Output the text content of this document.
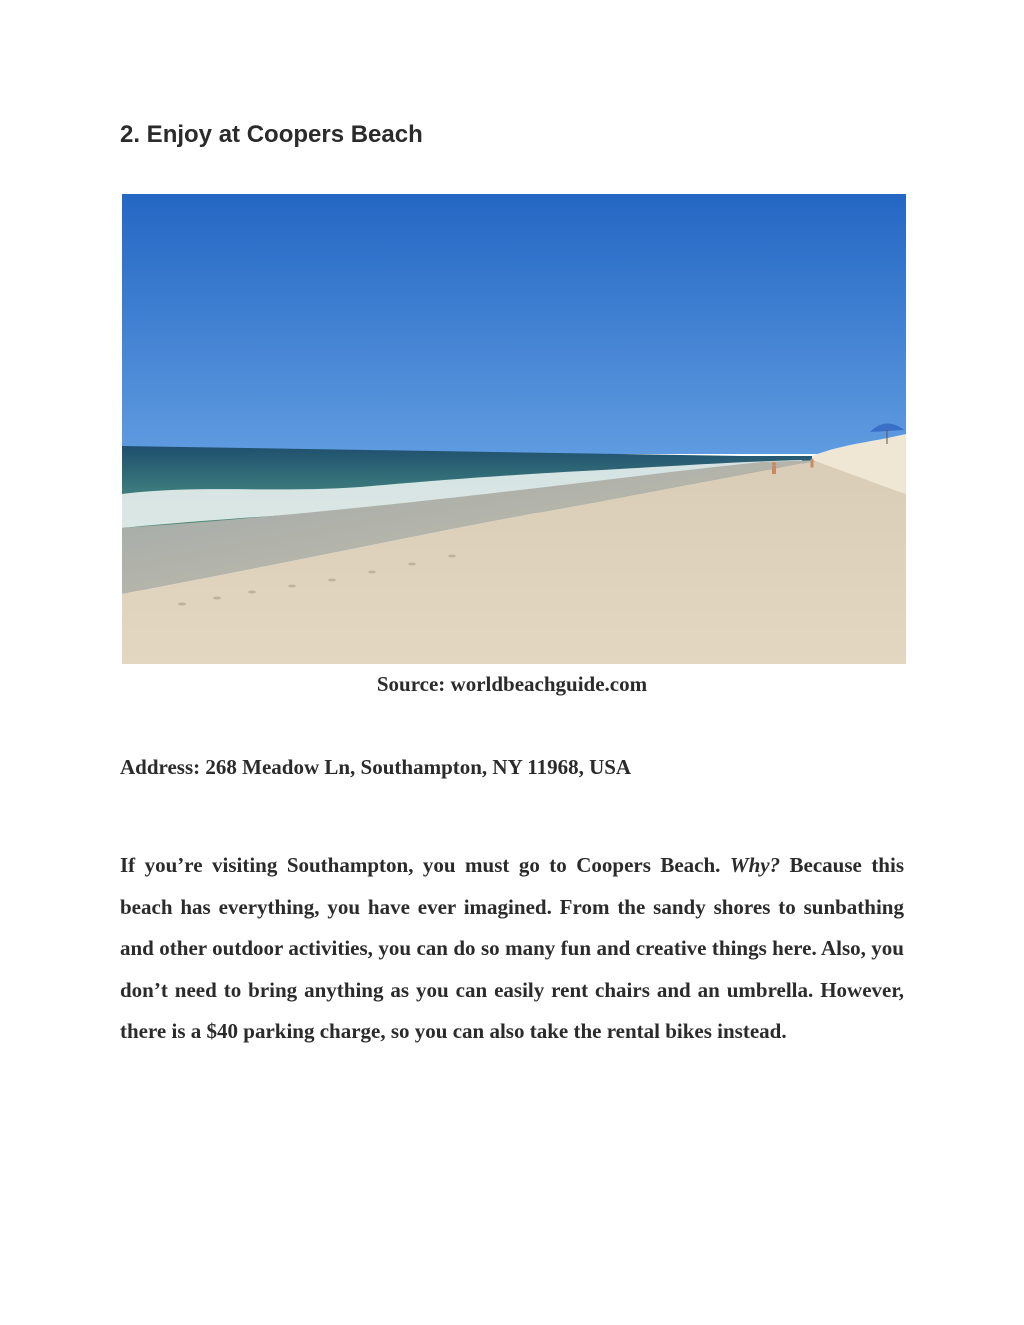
2. Enjoy at Coopers Beach
Source: worldbeachguide.com
Address: 268 Meadow Ln, Southampton, NY 11968, USA

If you’re visiting Southampton, you must go to Coopers Beach. Why? Because this beach has everything, you have ever imagined. From the sandy shores to sunbathing and other outdoor activities, you can do so many fun and creative things here. Also, you don’t need to bring anything as you can easily rent chairs and an umbrella. However, there is a $40 parking charge, so you can also take the rental bikes instead.
